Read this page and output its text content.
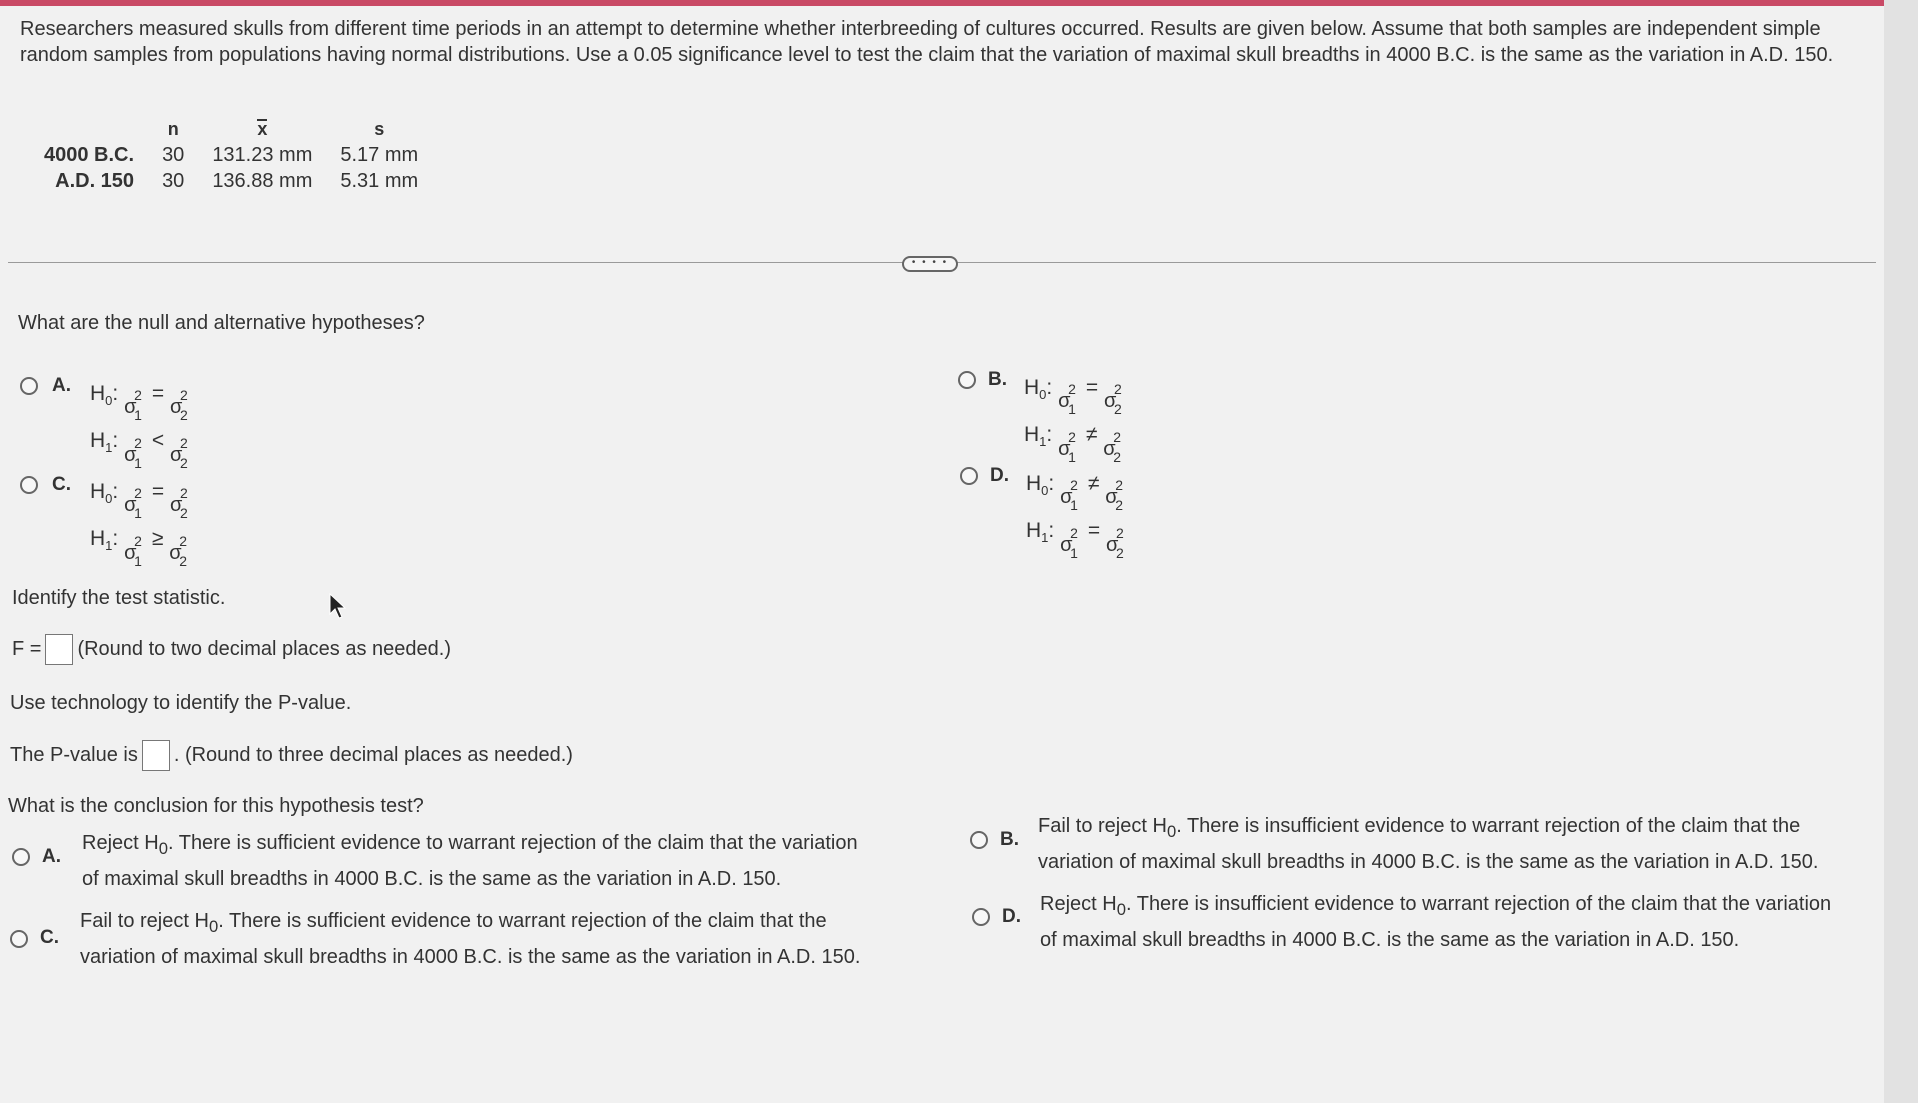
Researchers measured skulls from different time periods in an attempt to determine whether interbreeding of cultures occurred. Results are given below. Assume that both samples are independent simple random samples from populations having normal distributions. Use a 0.05 significance level to test the claim that the variation of maximal skull breadths in 4000 B.C. is the same as the variation in A.D. 150.
	n	x	s
4000 B.C.	30	131.23 mm	5.17 mm
A.D. 150	30	136.88 mm	5.31 mm
• • • •
What are the null and alternative hypotheses?
A. $H_0$:
σ
2
1
=
σ
2
2
$H_1$:
σ
2
1
<
σ
2
2
B. $H_0$:
σ
2
1
=
σ
2
2
$H_1$:
σ
2
1
≠
σ
2
2
C. $H_0$:
σ
2
1
=
σ
2
2
$H_1$:
σ
2
1
≥
σ
2
2
D. $H_0$:
σ
2
1
≠
σ
2
2
$H_1$:
σ
2
1
=
σ
2
2
Identify the test statistic.
F = (Round to two decimal places as needed.)
Use technology to identify the P-value.
The P-value is . (Round to three decimal places as needed.)
What is the conclusion for this hypothesis test?
A.
Reject $H_0$. There is sufficient evidence to warrant rejection of the claim that the variation
of maximal skull breadths in 4000 B.C. is the same as the variation in A.D. 150.
B.
Fail to reject $H_0$. There is insufficient evidence to warrant rejection of the claim that the
variation of maximal skull breadths in 4000 B.C. is the same as the variation in A.D. 150.
C.
Fail to reject $H_0$. There is sufficient evidence to warrant rejection of the claim that the
variation of maximal skull breadths in 4000 B.C. is the same as the variation in A.D. 150.
D.
Reject $H_0$. There is insufficient evidence to warrant rejection of the claim that the variation
of maximal skull breadths in 4000 B.C. is the same as the variation in A.D. 150.
